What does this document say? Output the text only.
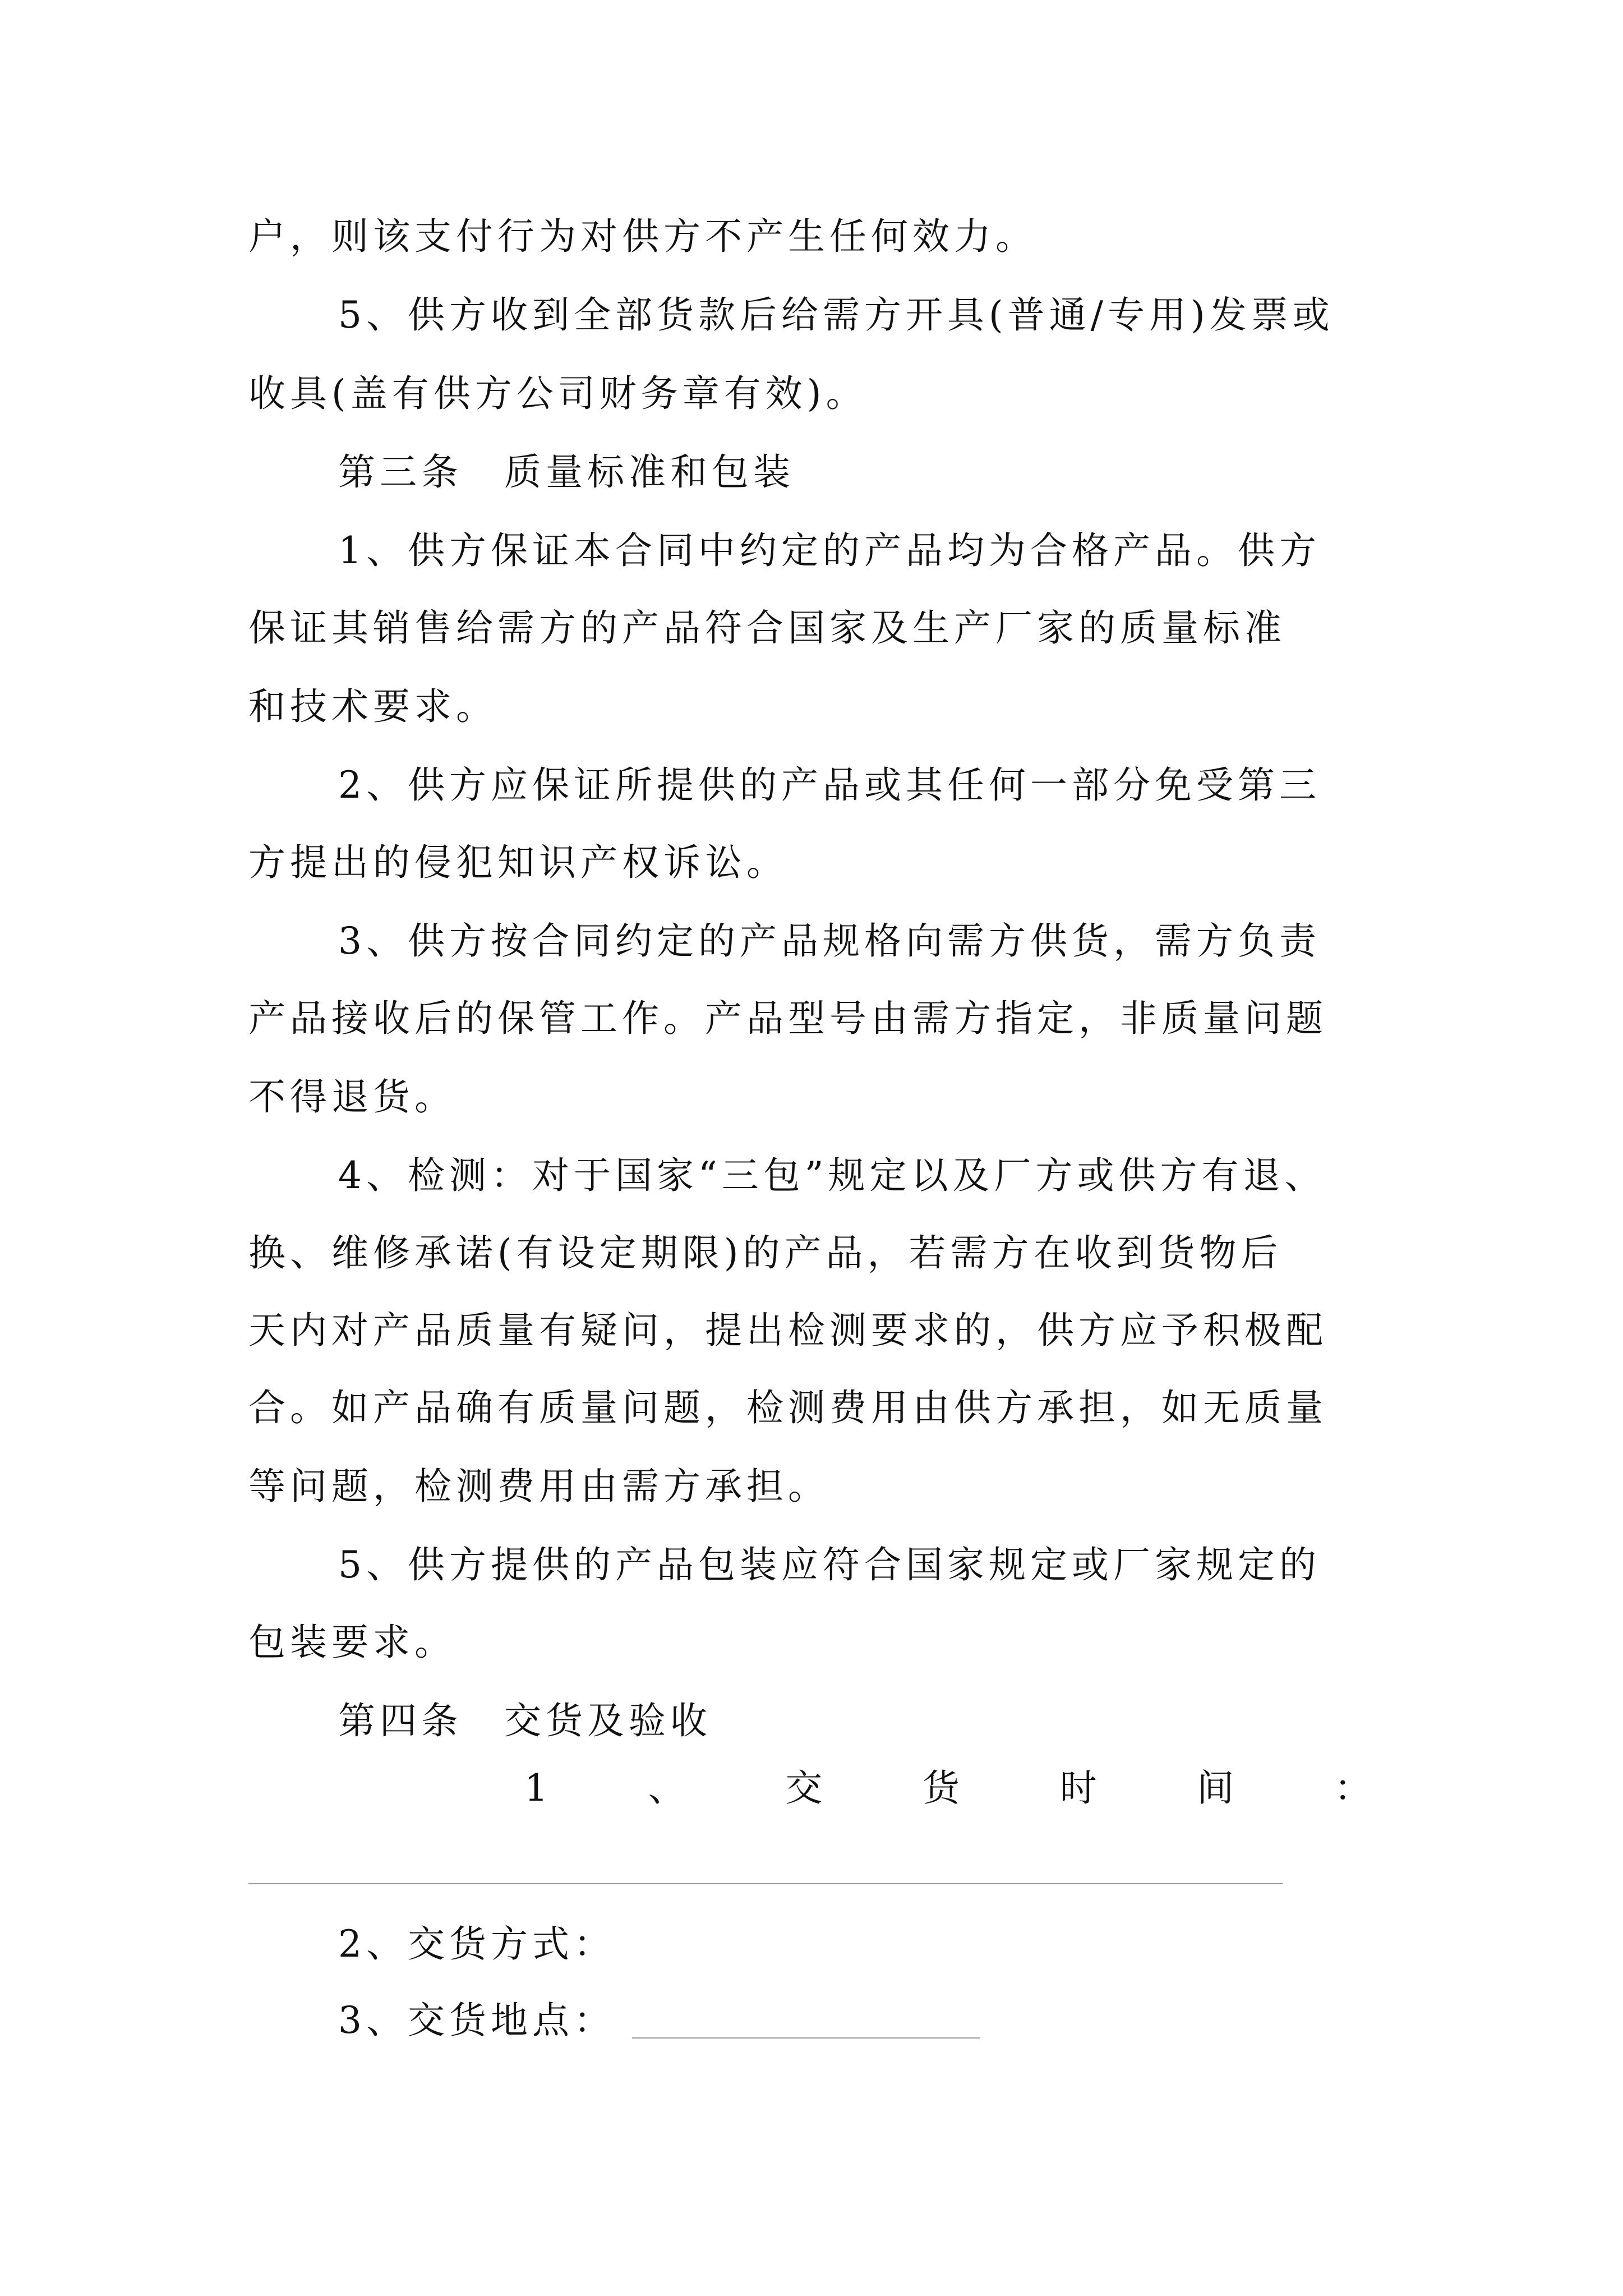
户，则该支付行为对供方不产生任何效力。

5、供方收到全部货款后给需方开具(普通/专用)发票或

收具(盖有供方公司财务章有效)。

第三条　质量标准和包装

1、供方保证本合同中约定的产品均为合格产品。供方

保证其销售给需方的产品符合国家及生产厂家的质量标准

和技术要求。

2、供方应保证所提供的产品或其任何一部分免受第三

方提出的侵犯知识产权诉讼。

3、供方按合同约定的产品规格向需方供货，需方负责

产品接收后的保管工作。产品型号由需方指定，非质量问题

不得退货。

4、检测：对于国家“三包”规定以及厂方或供方有退、

换、维修承诺(有设定期限)的产品，若需方在收到货物后

天内对产品质量有疑问，提出检测要求的，供方应予积极配

合。如产品确有质量问题，检测费用由供方承担，如无质量

等问题，检测费用由需方承担。

5、供方提供的产品包装应符合国家规定或厂家规定的

包装要求。

第四条　交货及验收

1	、	交	货	时	间	：

2、交货方式：

3、交货地点：
